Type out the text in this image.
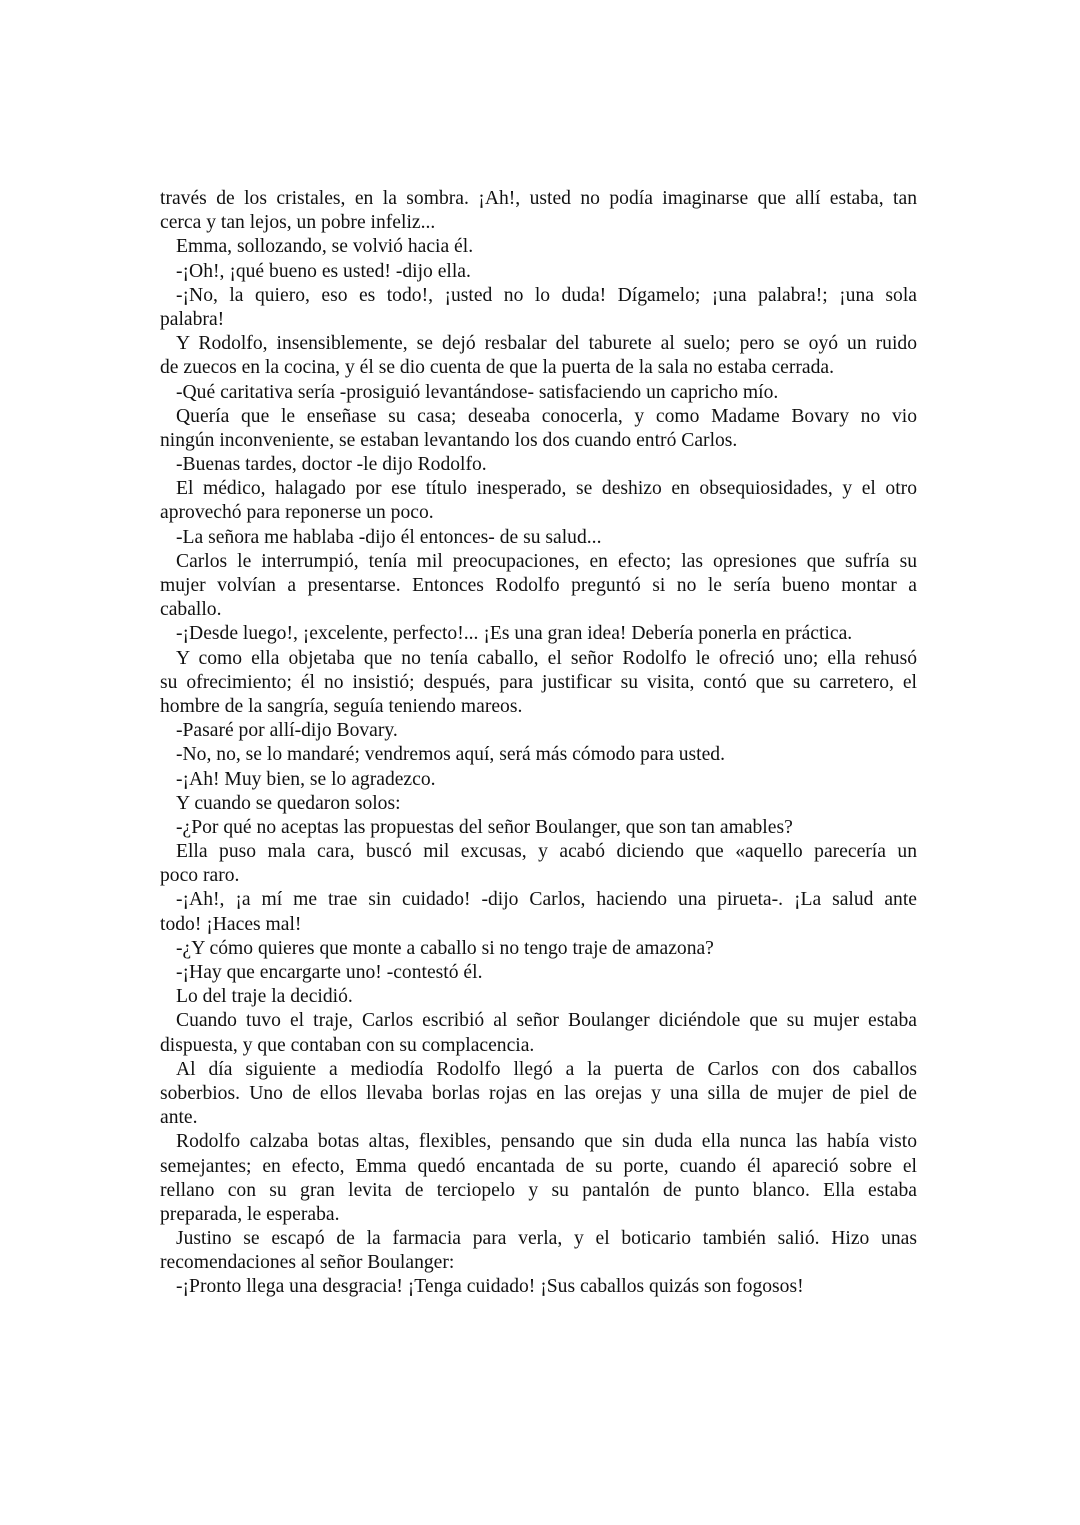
través de los cristales, en la sombra. ¡Ah!, usted no podía imaginarse que allí estaba, tan
cerca y tan lejos, un pobre infeliz...
Emma, sollozando, se volvió hacia él.
-¡Oh!, ¡qué bueno es usted! -dijo ella.
-¡No, la quiero, eso es todo!, ¡usted no lo duda! Dígamelo; ¡una palabra!; ¡una sola
palabra!
Y Rodolfo, insensiblemente, se dejó resbalar del taburete al suelo; pero se oyó un ruido
de zuecos en la cocina, y él se dio cuenta de que la puerta de la sala no estaba cerrada.
-Qué caritativa sería -prosiguió levantándose- satisfaciendo un capricho mío.
Quería que le enseñase su casa; deseaba conocerla, y como Madame Bovary no vio
ningún inconveniente, se estaban levantando los dos cuando entró Carlos.
-Buenas tardes, doctor -le dijo Rodolfo.
El médico, halagado por ese título inesperado, se deshizo en obsequiosidades, y el otro
aprovechó para reponerse un poco.
-La señora me hablaba -dijo él entonces- de su salud...
Carlos le interrumpió, tenía mil preocupaciones, en efecto; las opresiones que sufría su
mujer volvían a presentarse. Entonces Rodolfo preguntó si no le sería bueno montar a
caballo.
-¡Desde luego!, ¡excelente, perfecto!... ¡Es una gran idea! Debería ponerla en práctica.
Y como ella objetaba que no tenía caballo, el señor Rodolfo le ofreció uno; ella rehusó
su ofrecimiento; él no insistió; después, para justificar su visita, contó que su carretero, el
hombre de la sangría, seguía teniendo mareos.
-Pasaré por allí-dijo Bovary.
-No, no, se lo mandaré; vendremos aquí, será más cómodo para usted.
-¡Ah! Muy bien, se lo agradezco.
Y cuando se quedaron solos:
-¿Por qué no aceptas las propuestas del señor Boulanger, que son tan amables?
Ella puso mala cara, buscó mil excusas, y acabó diciendo que «aquello parecería un
poco raro.
-¡Ah!, ¡a mí me trae sin cuidado! -dijo Carlos, haciendo una pirueta-. ¡La salud ante
todo! ¡Haces mal!
-¿Y cómo quieres que monte a caballo si no tengo traje de amazona?
-¡Hay que encargarte uno! -contestó él.
Lo del traje la decidió.
Cuando tuvo el traje, Carlos escribió al señor Boulanger diciéndole que su mujer estaba
dispuesta, y que contaban con su complacencia.
Al día siguiente a mediodía Rodolfo llegó a la puerta de Carlos con dos caballos
soberbios. Uno de ellos llevaba borlas rojas en las orejas y una silla de mujer de piel de
ante.
Rodolfo calzaba botas altas, flexibles, pensando que sin duda ella nunca las había visto
semejantes; en efecto, Emma quedó encantada de su porte, cuando él apareció sobre el
rellano con su gran levita de terciopelo y su pantalón de punto blanco. Ella estaba
preparada, le esperaba.
Justino se escapó de la farmacia para verla, y el boticario también salió. Hizo unas
recomendaciones al señor Boulanger:
-¡Pronto llega una desgracia! ¡Tenga cuidado! ¡Sus caballos quizás son fogosos!
